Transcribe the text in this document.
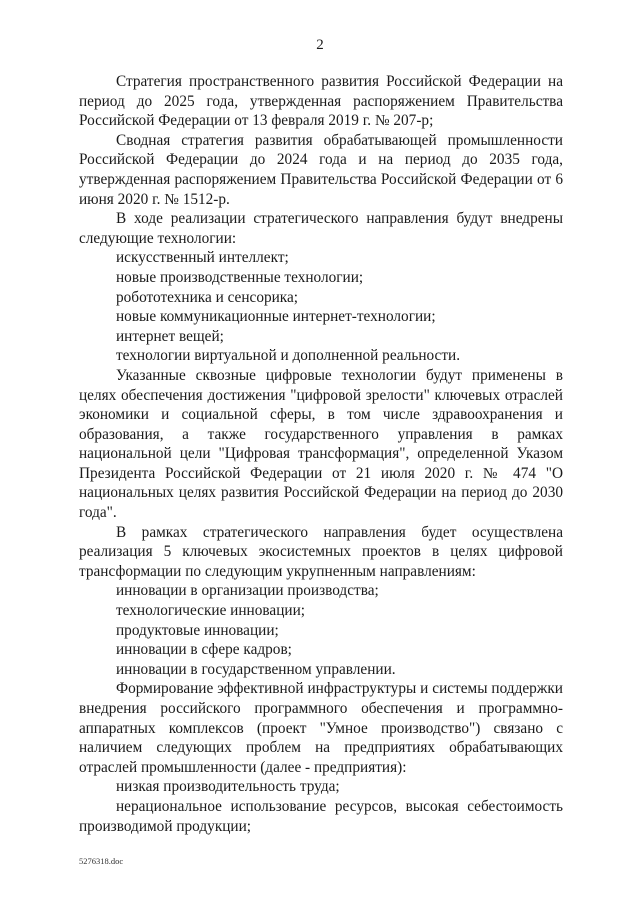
2

Стратегия пространственного развития Российской Федерации на период до 2025 года, утвержденная распоряжением Правительства Российской Федерации от 13 февраля 2019 г. № 207-р;

Сводная стратегия развития обрабатывающей промышленности Российской Федерации до 2024 года и на период до 2035 года, утвержденная распоряжением Правительства Российской Федерации от 6 июня 2020 г. № 1512-р.

В ходе реализации стратегического направления будут внедрены следующие технологии:

искусственный интеллект;

новые производственные технологии;

робототехника и сенсорика;

новые коммуникационные интернет-технологии;

интернет вещей;

технологии виртуальной и дополненной реальности.

Указанные сквозные цифровые технологии будут применены в целях обеспечения достижения "цифровой зрелости" ключевых отраслей экономики и социальной сферы, в том числе здравоохранения и образования, а также государственного управления в рамках национальной цели "Цифровая трансформация", определенной Указом Президента Российской Федерации от 21 июля 2020 г. № 474 "О национальных целях развития Российской Федерации на период до 2030 года".

В рамках стратегического направления будет осуществлена реализация 5 ключевых экосистемных проектов в целях цифровой трансформации по следующим укрупненным направлениям:

инновации в организации производства;

технологические инновации;

продуктовые инновации;

инновации в сфере кадров;

инновации в государственном управлении.

Формирование эффективной инфраструктуры и системы поддержки внедрения российского программного обеспечения и программно-аппаратных комплексов (проект "Умное производство") связано с наличием следующих проблем на предприятиях обрабатывающих отраслей промышленности (далее - предприятия):

низкая производительность труда;

нерациональное использование ресурсов, высокая себестоимость производимой продукции;

5276318.doc
